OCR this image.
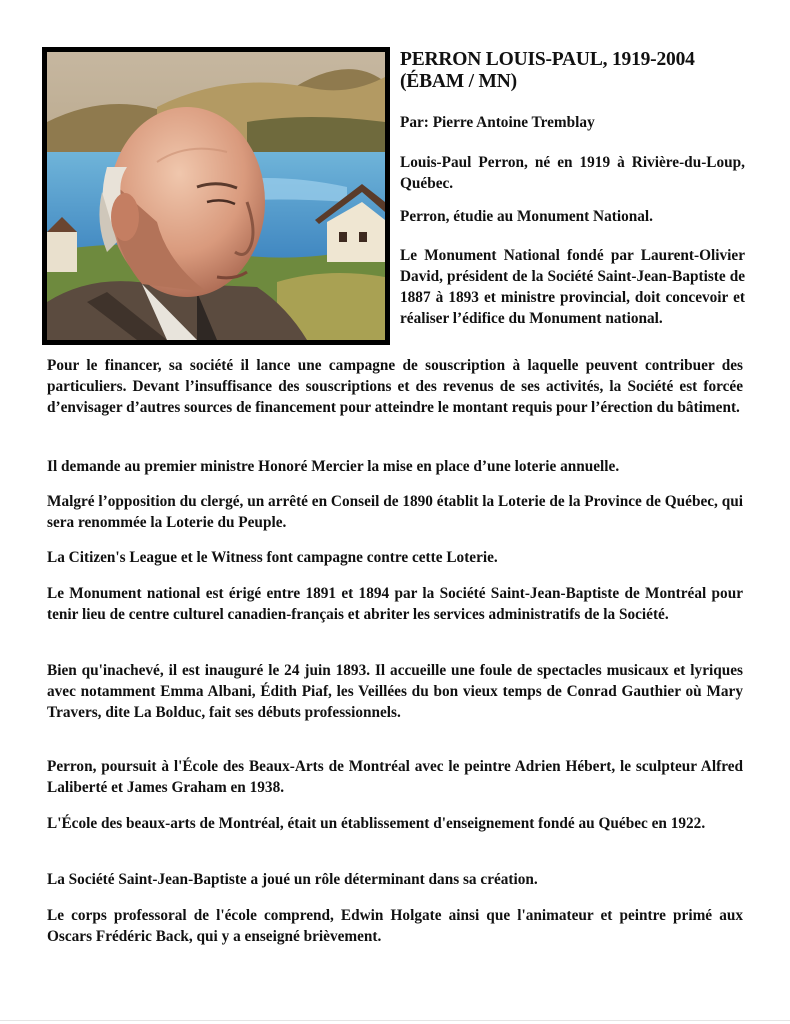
PERRON LOUIS-PAUL, 1919-2004 (ÉBAM / MN)

Par: Pierre Antoine Tremblay

Louis-Paul Perron, né en 1919 à Rivière-du-Loup, Québec.

Perron, étudie au Monument National.

Le Monument National fondé par Laurent-Olivier David, président de la Société Saint-Jean-Baptiste de 1887 à 1893 et ministre provincial, doit concevoir et réaliser l’édifice du Monument national.

Pour le financer, sa société il lance une campagne de souscription à laquelle peuvent contribuer des particuliers. Devant l’insuffisance des souscriptions et des revenus de ses activités, la Société est forcée d’envisager d’autres sources de financement pour atteindre le montant requis pour l’érection du bâtiment.

Il demande au premier ministre Honoré Mercier la mise en place d’une loterie annuelle.

Malgré l’opposition du clergé, un arrêté en Conseil de 1890 établit la Loterie de la Province de Québec, qui sera renommée la Loterie du Peuple.

La Citizen's League et le Witness font campagne contre cette Loterie.

Le Monument national est érigé entre 1891 et 1894 par la Société Saint-Jean-Baptiste de Montréal pour tenir lieu de centre culturel canadien-français et abriter les services administratifs de la Société.

Bien qu'inachevé, il est inauguré le 24 juin 1893. Il accueille une foule de spectacles musicaux et lyriques avec notamment Emma Albani, Édith Piaf, les Veillées du bon vieux temps de Conrad Gauthier où Mary Travers, dite La Bolduc, fait ses débuts professionnels.

Perron, poursuit à l'École des Beaux-Arts de Montréal avec le peintre Adrien Hébert, le sculpteur Alfred Laliberté et James Graham en 1938.

L'École des beaux-arts de Montréal, était un établissement d'enseignement fondé au Québec en 1922.

La Société Saint-Jean-Baptiste a joué un rôle déterminant dans sa création.

Le corps professoral de l'école comprend, Edwin Holgate ainsi que l'animateur et peintre primé aux Oscars Frédéric Back, qui y a enseigné brièvement.
